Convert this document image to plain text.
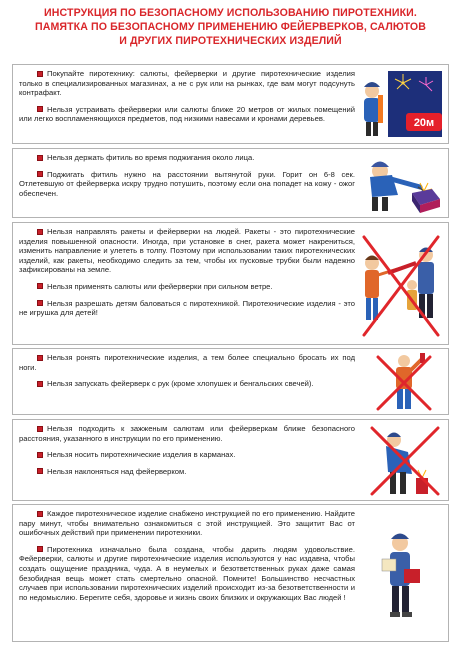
ИНСТРУКЦИЯ ПО БЕЗОПАСНОМУ ИСПОЛЬЗОВАНИЮ ПИРОТЕХНИКИ.
ПАМЯТКА ПО БЕЗОПАСНОМУ ПРИМЕНЕНИЮ ФЕЙЕРВЕРКОВ, САЛЮТОВ
И ДРУГИХ ПИРОТЕХНИЧЕСКИХ ИЗДЕЛИЙ

Покупайте пиротехнику: салюты, фейерверки и другие пиротехнические изделия только в специализированных магазинах, а не с рук или на рынках, где вам могут подсунуть контрафакт.

Нельзя устраивать фейерверки или салюты ближе 20 метров от жилых помещений или легко воспламеняющихся предметов, под низкими навесами и кронами деревьев.	20м

Нельзя держать фитиль во время поджигания около лица.

Поджигать фитиль нужно на расстоянии вытянутой руки. Горит он 6-8 сек. Отлетевшую от фейерверка искру трудно потушить, поэтому если она попадет на кожу - ожог обеспечен.

Нельзя направлять ракеты и фейерверки на людей. Ракеты - это пиротехнические изделия повышенной опасности. Иногда, при установке в снег, ракета может накрениться, изменить направление и улететь в толпу. Поэтому при использовании таких пиротехнических изделий, как ракеты, необходимо следить за тем, чтобы их пусковые трубки были надежно зафиксированы на земле.

Нельзя применять салюты или фейерверки при сильном ветре.

Нельзя разрешать детям баловаться с пиротехникой. Пиротехнические изделия - это не игрушка для детей!

Нельзя ронять пиротехнические изделия, а тем более специально бросать их под ноги.

Нельзя запускать фейерверк с рук (кроме хлопушек и бенгальских свечей).

Нельзя подходить к зажженым салютам или фейерверкам ближе безопасного расстояния, указанного в инструкции по его применению.

Нельзя носить пиротехнические изделия в карманах.

Нельзя наклоняться над фейерверком.

Каждое пиротехническое изделие снабжено инструкцией по его применению. Найдите пару минут, чтобы внимательно ознакомиться с этой инструкцией. Это защитит Вас от ошибочных действий при применении пиротехники.

Пиротехника изначально была создана, чтобы дарить людям удовольствие. Фейерверки, салюты и другие пиротехнические изделия используются у нас издавна, чтобы создать ощущение праздника, чуда. А в неумелых и безответственных руках даже самая безобидная вещь может стать смертельно опасной. Помните! Большинство несчастных случаев при использовании пиротехнических изделий происходит из-за безответственности и по недомыслию. Берегите себя, здоровье и жизнь своих близких и окружающих Вас людей !
